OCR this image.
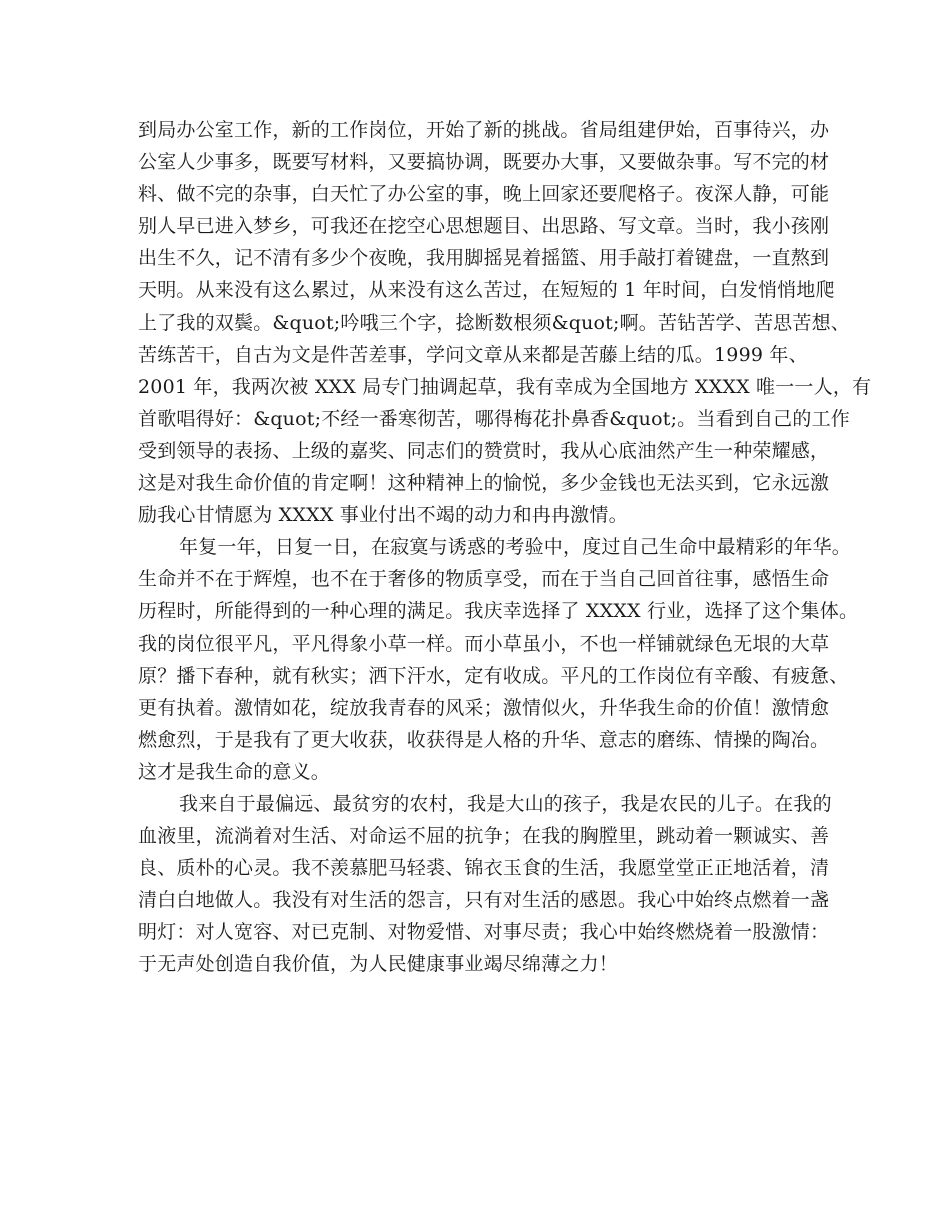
到局办公室工作，新的工作岗位，开始了新的挑战。省局组建伊始，百事待兴，办
公室人少事多，既要写材料，又要搞协调，既要办大事，又要做杂事。写不完的材
料、做不完的杂事，白天忙了办公室的事，晚上回家还要爬格子。夜深人静，可能
别人早已进入梦乡，可我还在挖空心思想题目、出思路、写文章。当时，我小孩刚
出生不久，记不清有多少个夜晚，我用脚摇晃着摇篮、用手敲打着键盘，一直熬到
天明。从来没有这么累过，从来没有这么苦过，在短短的 1 年时间，白发悄悄地爬
上了我的双鬓。&quot;吟哦三个字，捻断数根须&quot;啊。苦钻苦学、苦思苦想、
苦练苦干，自古为文是件苦差事，学问文章从来都是苦藤上结的瓜。1999 年、
2001 年，我两次被 XXX 局专门抽调起草，我有幸成为全国地方 XXXX 唯一一人，有
首歌唱得好：&quot;不经一番寒彻苦，哪得梅花扑鼻香&quot;。当看到自己的工作
受到领导的表扬、上级的嘉奖、同志们的赞赏时，我从心底油然产生一种荣耀感，
这是对我生命价值的肯定啊！这种精神上的愉悦，多少金钱也无法买到，它永远激
励我心甘情愿为 XXXX 事业付出不竭的动力和冉冉激情。
年复一年，日复一日，在寂寞与诱惑的考验中，度过自己生命中最精彩的年华。
生命并不在于辉煌，也不在于奢侈的物质享受，而在于当自己回首往事，感悟生命
历程时，所能得到的一种心理的满足。我庆幸选择了 XXXX 行业，选择了这个集体。
我的岗位很平凡，平凡得象小草一样。而小草虽小，不也一样铺就绿色无垠的大草
原？播下春种，就有秋实；洒下汗水，定有收成。平凡的工作岗位有辛酸、有疲惫、
更有执着。激情如花，绽放我青春的风采；激情似火，升华我生命的价值！激情愈
燃愈烈，于是我有了更大收获，收获得是人格的升华、意志的磨练、情操的陶冶。
这才是我生命的意义。
我来自于最偏远、最贫穷的农村，我是大山的孩子，我是农民的儿子。在我的
血液里，流淌着对生活、对命运不屈的抗争；在我的胸膛里，跳动着一颗诚实、善
良、质朴的心灵。我不羡慕肥马轻裘、锦衣玉食的生活，我愿堂堂正正地活着，清
清白白地做人。我没有对生活的怨言，只有对生活的感恩。我心中始终点燃着一盏
明灯：对人宽容、对已克制、对物爱惜、对事尽责；我心中始终燃烧着一股激情：
于无声处创造自我价值，为人民健康事业竭尽绵薄之力！
